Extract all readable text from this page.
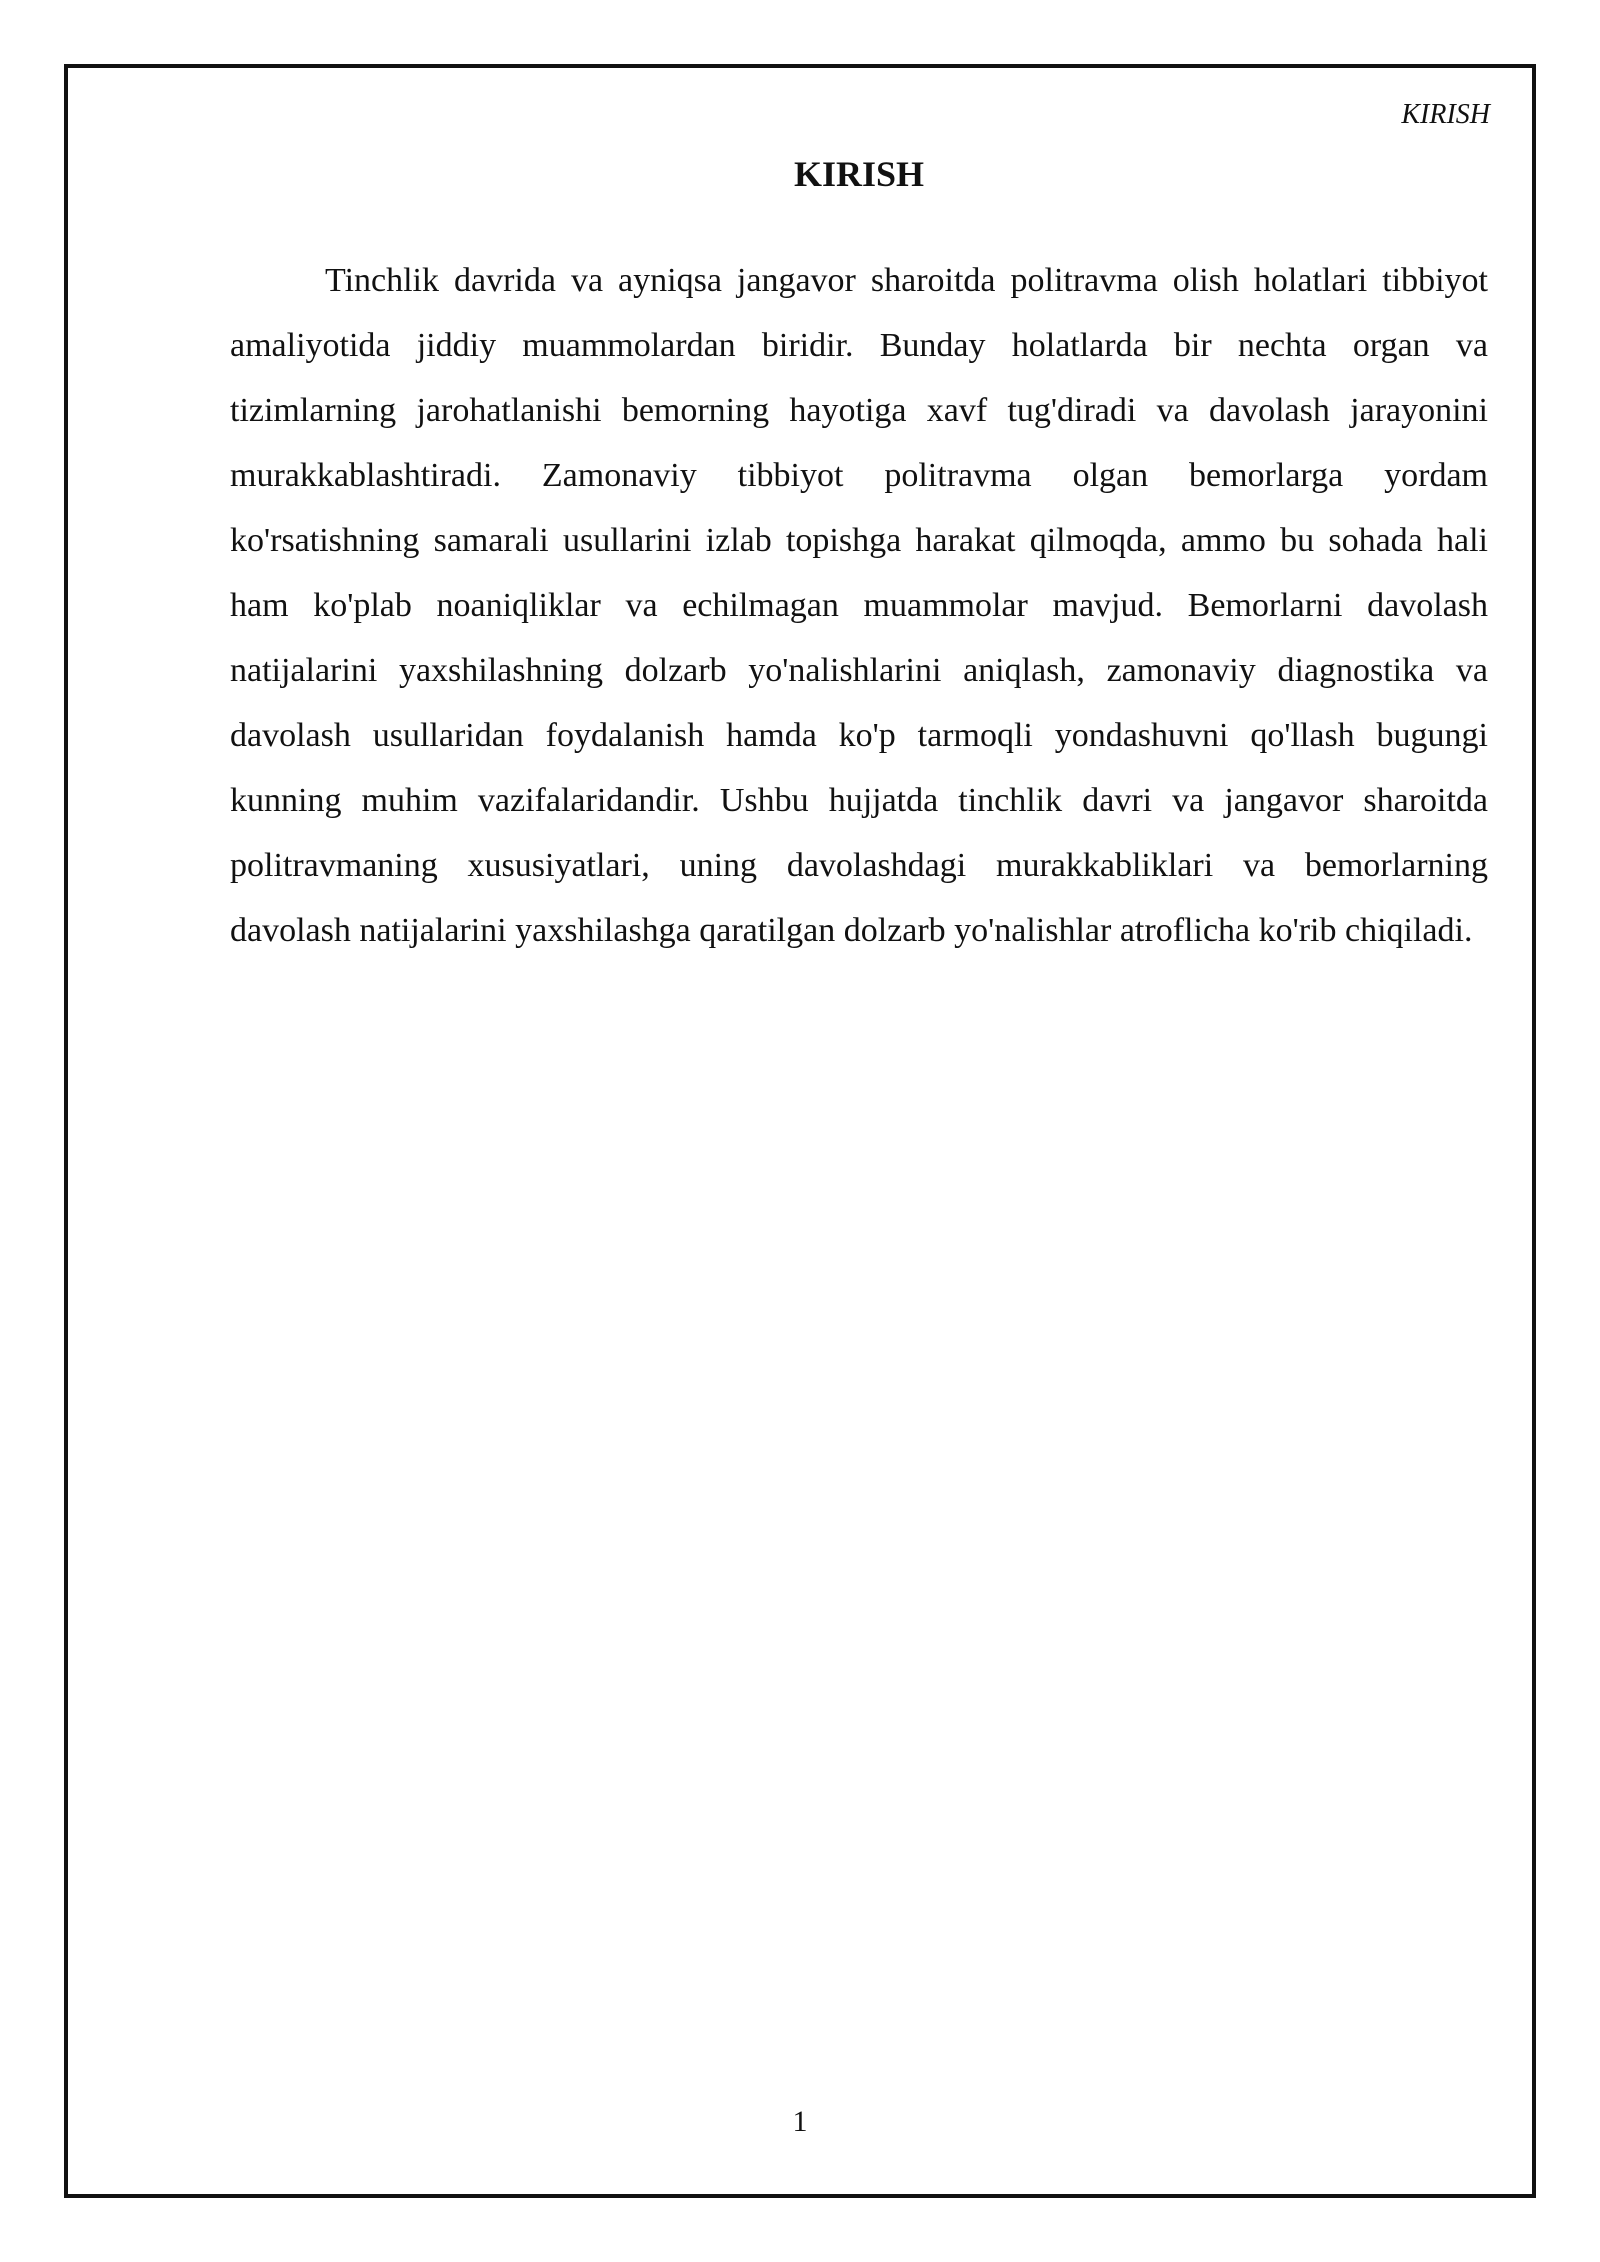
KIRISH
KIRISH

Tinchlik davrida va ayniqsa jangavor sharoitda politravma olish holatlari tibbiyot amaliyotida jiddiy muammolardan biridir. Bunday holatlarda bir nechta organ va tizimlarning jarohatlanishi bemorning hayotiga xavf tug'diradi va davolash jarayonini murakkablashtiradi. Zamonaviy tibbiyot politravma olgan bemorlarga yordam ko'rsatishning samarali usullarini izlab topishga harakat qilmoqda, ammo bu sohada hali ham ko'plab noaniqliklar va echilmagan muammolar mavjud. Bemorlarni davolash natijalarini yaxshilashning dolzarb yo'nalishlarini aniqlash, zamonaviy diagnostika va davolash usullaridan foydalanish hamda ko'p tarmoqli yondashuvni qo'llash bugungi kunning muhim vazifalaridandir. Ushbu hujjatda tinchlik davri va jangavor sharoitda politravmaning xususiyatlari, uning davolashdagi murakkabliklari va bemorlarning davolash natijalarini yaxshilashga qaratilgan dolzarb yo'nalishlar atroflicha ko'rib chiqiladi.

1
